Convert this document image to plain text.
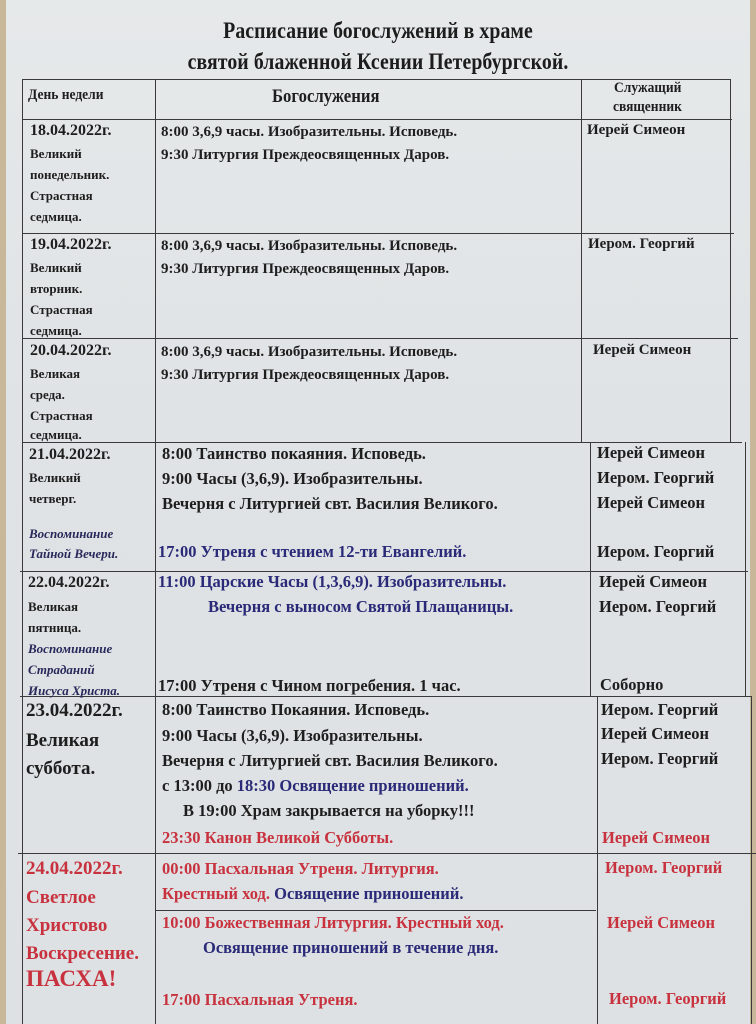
Расписание богослужений в храме
святой блаженной Ксении Петербургской.
День недели	Богослужения	Служащий
священник
18.04.2022г.
Великий
понедельник.
Страстная
седмица.
8:00 3,6,9 часы. Изобразительны. Исповедь.
9:30 Литургия Преждеосвященных Даров.
Иерей Симеон
19.04.2022г.
Великий
вторник.
Страстная
седмица.
8:00 3,6,9 часы. Изобразительны. Исповедь.
9:30 Литургия Преждеосвященных Даров.
Иером. Георгий
20.04.2022г.
Великая
среда.
Страстная
седмица.
8:00 3,6,9 часы. Изобразительны. Исповедь.
9:30 Литургия Преждеосвященных Даров.
Иерей Симеон
21.04.2022г.
Великий
четверг.
Воспоминание
Тайной Вечери.
8:00 Таинство покаяния. Исповедь.
9:00 Часы (3,6,9). Изобразительны.
Вечерня с Литургией свт. Василия Великого.
17:00 Утреня с чтением 12-ти Евангелий.
Иерей Симеон
Иером. Георгий
Иерей Симеон
Иером. Георгий
22.04.2022г.
Великая
пятница.
Воспоминание
Страданий
Иисуса Христа.
11:00 Царские Часы (1,3,6,9). Изобразительны.
Вечерня с выносом Святой Плащаницы.
17:00 Утреня с Чином погребения. 1 час.
Иерей Симеон
Иером. Георгий
Соборно
23.04.2022г.
Великая
суббота.
8:00 Таинство Покаяния. Исповедь.
9:00 Часы (3,6,9). Изобразительны.
Вечерня с Литургией свт. Василия Великого.
с 13:00 до 18:30 Освящение приношений.
В 19:00 Храм закрывается на уборку!!!
23:30 Канон Великой Субботы.
Иером. Георгий
Иерей Симеон
Иером. Георгий
Иерей Симеон
24.04.2022г.
Светлое
Христово
Воскресение.
ПАСХА!
00:00 Пасхальная Утреня. Литургия.
Крестный ход. Освящение приношений.
10:00 Божественная Литургия. Крестный ход.
Освящение приношений в течение дня.
17:00 Пасхальная Утреня.
Иером. Георгий
Иерей Симеон
Иером. Георгий
